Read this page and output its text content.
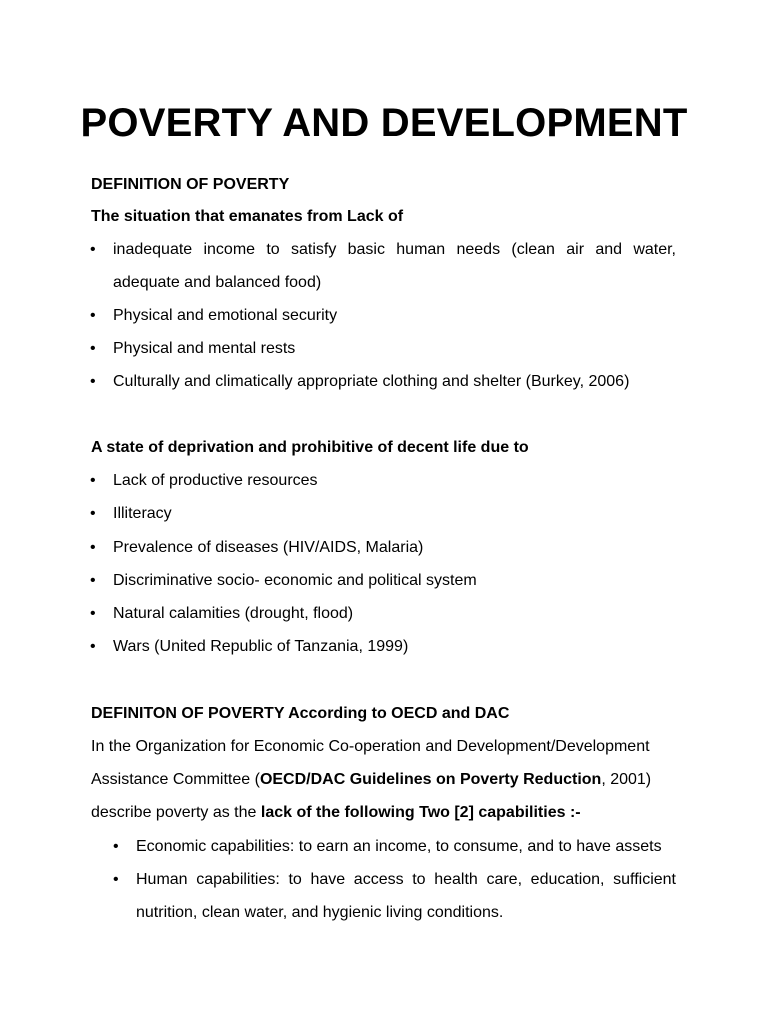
POVERTY AND DEVELOPMENT
DEFINITION OF POVERTY
The situation that emanates from Lack of
• inadequate income to satisfy basic human needs (clean air and water,
adequate and balanced food)
• Physical and emotional security
• Physical and mental rests
• Culturally and climatically appropriate clothing and shelter (Burkey, 2006)
A state of deprivation and prohibitive of decent life due to
• Lack of productive resources
• Illiteracy
• Prevalence of diseases (HIV/AIDS, Malaria)
• Discriminative socio- economic and political system
• Natural calamities (drought, flood)
• Wars (United Republic of Tanzania, 1999)
DEFINITON OF POVERTY According to OECD and DAC
In the Organization for Economic Co-operation and Development/Development
Assistance Committee (OECD/DAC Guidelines on Poverty Reduction, 2001)
describe poverty as the lack of the following Two [2] capabilities :-
• Economic capabilities: to earn an income, to consume, and to have assets
• Human capabilities: to have access to health care, education, sufficient
nutrition, clean water, and hygienic living conditions.
